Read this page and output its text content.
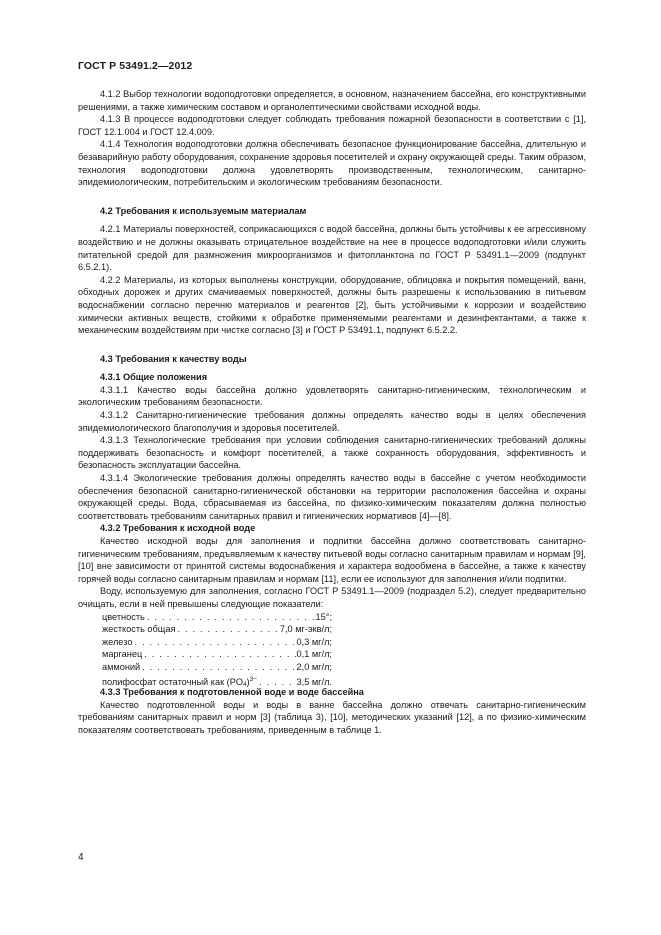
ГОСТ Р 53491.2—2012

4.1.2 Выбор технологии водоподготовки определяется, в основном, назначением бассейна, его конструктивными решениями, а также химическим составом и органолептическими свойствами исходной воды.

4.1.3 В процессе водоподготовки следует соблюдать требования пожарной безопасности в соответствии с [1], ГОСТ 12.1.004 и ГОСТ 12.4.009.

4.1.4 Технология водоподготовки должна обеспечивать безопасное функционирование бассейна, длительную и безаварийную работу оборудования, сохранение здоровья посетителей и охрану окружающей среды. Таким образом, технология водоподготовки должна удовлетворять производственным, технологическим, санитарно-эпидемиологическим, потребительским и экологическим требованиям безопасности.

4.2 Требования к используемым материалам

4.2.1 Материалы поверхностей, соприкасающихся с водой бассейна, должны быть устойчивы к ее агрессивному воздействию и не должны оказывать отрицательное воздействие на нее в процессе водоподготовки и/или служить питательной средой для размножения микроорганизмов и фитопланктона по ГОСТ Р 53491.1—2009 (подпункт 6.5.2.1).

4.2.2 Материалы, из которых выполнены конструкции, оборудование, облицовка и покрытия помещений, ванн, обходных дорожек и других смачиваемых поверхностей, должны быть разрешены к использованию в питьевом водоснабжении согласно перечню материалов и реагентов [2], быть устойчивыми к коррозии и воздействию химически активных веществ, стойкими к обработке применяемыми реагентами и дезинфектантами, а также к механическим воздействиям при чистке согласно [3] и ГОСТ Р 53491.1, подпункт 6.5.2.2.

4.3 Требования к качеству воды

4.3.1 Общие положения

4.3.1.1 Качество воды бассейна должно удовлетворять санитарно-гигиеническим, технологическим и экологическим требованиям безопасности.

4.3.1.2 Санитарно-гигиенические требования должны определять качество воды в целях обеспечения эпидемиологического благополучия и здоровья посетителей.

4.3.1.3 Технологические требования при условии соблюдения санитарно-гигиенических требований должны поддерживать безопасность и комфорт посетителей, а также сохранность оборудования, эффективность и безопасность эксплуатации бассейна.

4.3.1.4 Экологические требования должны определять качество воды в бассейне с учетом необходимости обеспечения безопасной санитарно-гигиенической обстановки на территории расположения бассейна и охраны окружающей среды. Вода, сбрасываемая из бассейна, по физико-химическим показателям должна полностью соответствовать требованиям санитарных правил и гигиенических нормативов [4]—[8].

4.3.2 Требования к исходной воде

Качество исходной воды для заполнения и подпитки бассейна должно соответствовать санитарно-гигиеническим требованиям, предъявляемым к качеству питьевой воды согласно санитарным правилам и нормам [9], [10] вне зависимости от принятой системы водоснабжения и характера водообмена в бассейне, а также к качеству горячей воды согласно санитарным правилам и нормам [11], если ее используют для заполнения и/или подпитки.

Воду, используемую для заполнения, согласно ГОСТ Р 53491.1—2009 (подраздел 5.2), следует предварительно очищать, если в ней превышены следующие показатели:

цветность . . .	15°;
жесткость общая . . .	7,0 мг-экв/л;
железо . . .	0,3 мг/л;
марганец . . .	0,1 мг/л;
аммоний . . .	2,0 мг/л;
полифосфат остаточный как $(PO4)^{3-}$ . . .	3,5 мг/л.

4.3.3 Требования к подготовленной воде и воде бассейна

Качество подготовленной воды и воды в ванне бассейна должно отвечать санитарно-гигиеническим требованиям санитарных правил и норм [3] (таблица 3), [10], методических указаний [12], а по физико-химическим показателям соответствовать требованиям, приведенным в таблице 1.

4
